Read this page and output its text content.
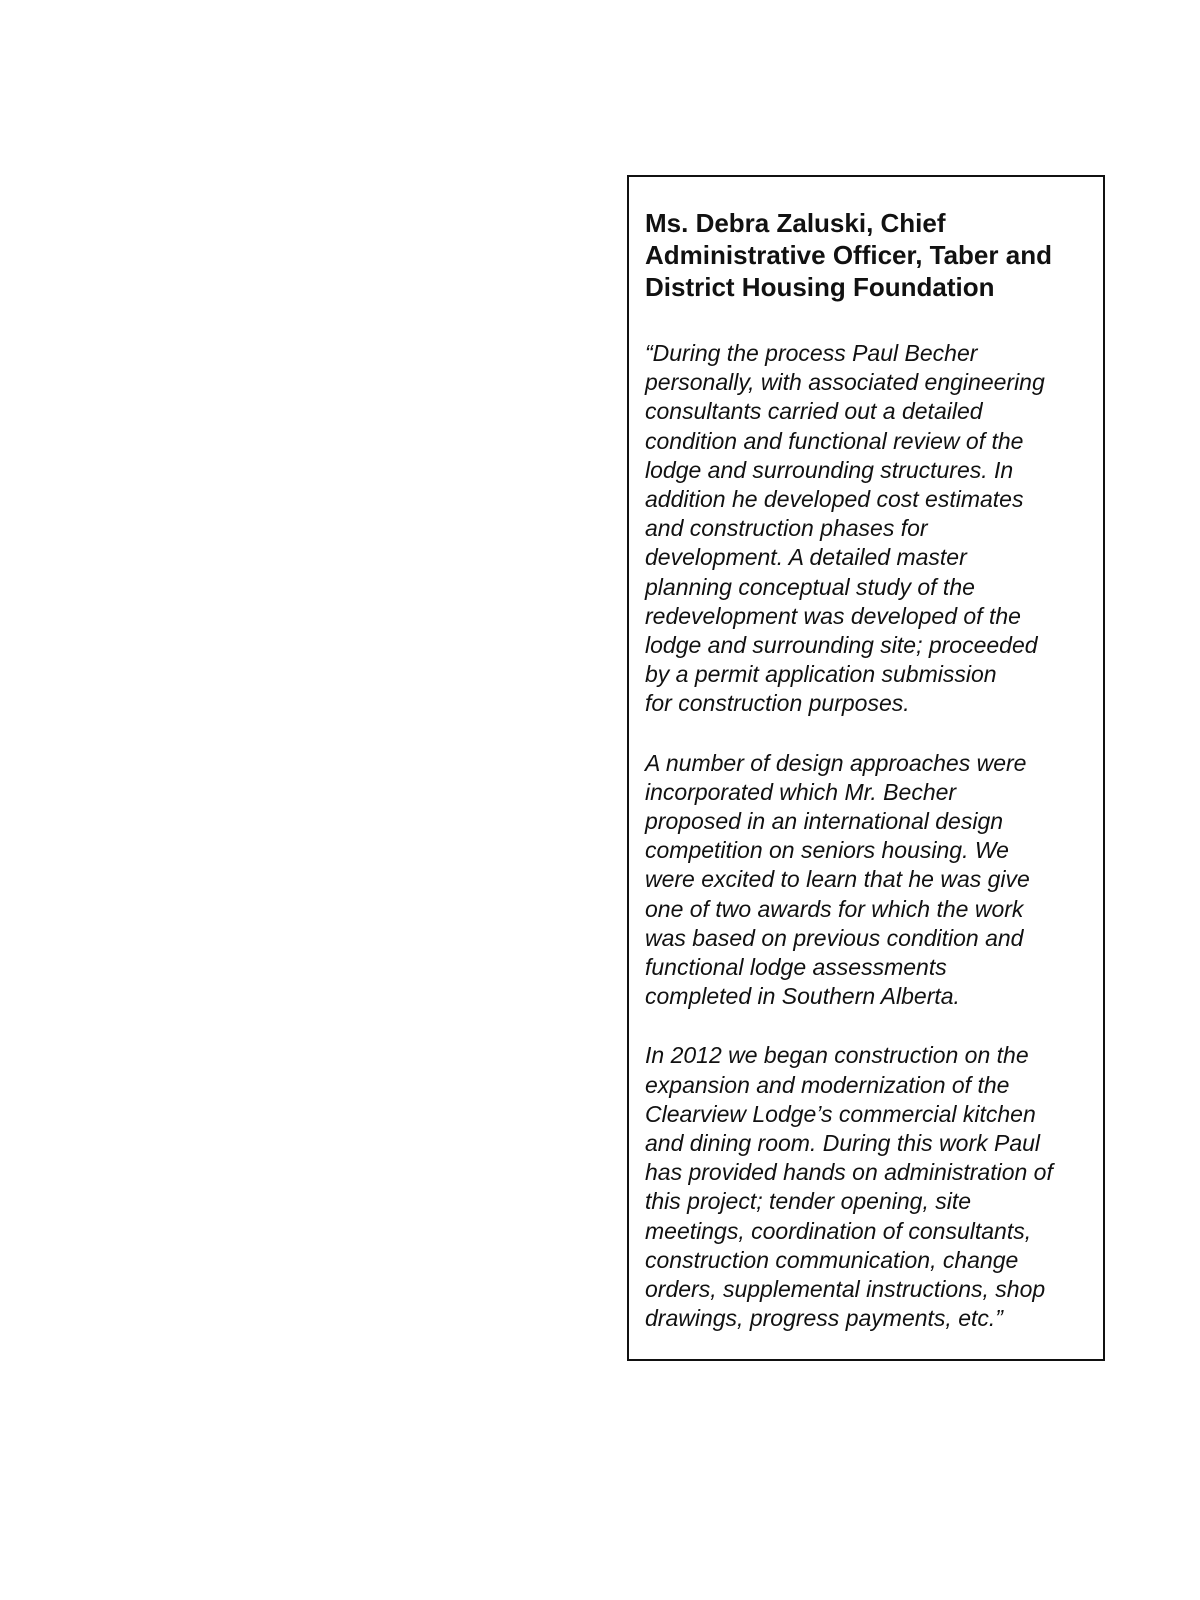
Ms. Debra Zaluski, Chief
Administrative Officer, Taber and
District Housing Foundation

“During the process Paul Becher
personally, with associated engineering
consultants carried out a detailed
condition and functional review of the
lodge and surrounding structures. In
addition he developed cost estimates
and construction phases for
development. A detailed master
planning conceptual study of the
redevelopment was developed of the
lodge and surrounding site; proceeded
by a permit application submission
for construction purposes.

A number of design approaches were
incorporated which Mr. Becher
proposed in an international design
competition on seniors housing. We
were excited to learn that he was give
one of two awards for which the work
was based on previous condition and
functional lodge assessments
completed in Southern Alberta.

In 2012 we began construction on the
expansion and modernization of the
Clearview Lodge’s commercial kitchen
and dining room. During this work Paul
has provided hands on administration of
this project; tender opening, site
meetings, coordination of consultants,
construction communication, change
orders, supplemental instructions, shop
drawings, progress payments, etc.”
